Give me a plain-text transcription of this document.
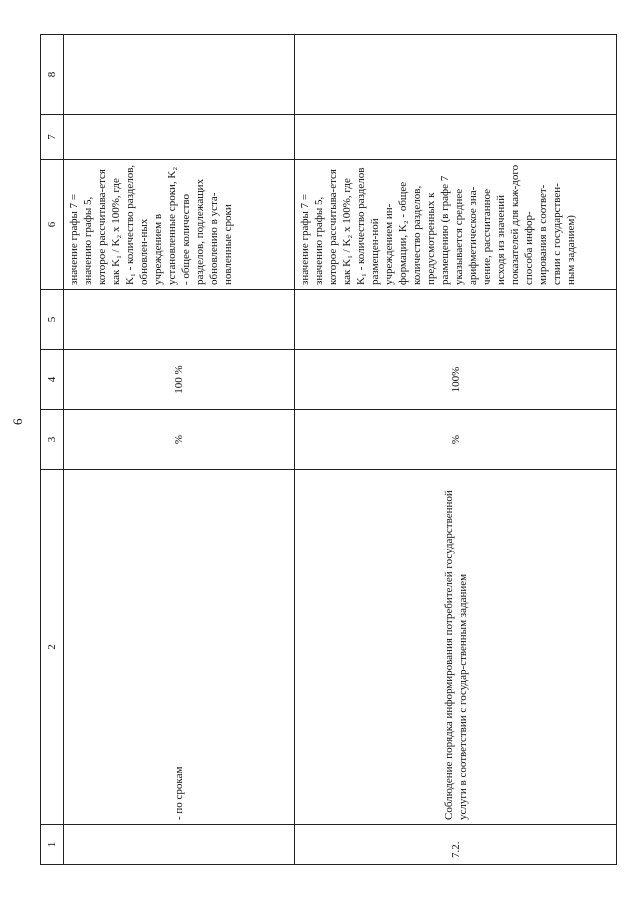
6
1	2	3	4	5	6	7	8
	- по срокам	%	100 %		значение графы 7 = значению графы 5, которое рассчитыва-ется как K₁ / K₂ x 100%, где K₁ - количество разделов, обновлен-ных учреждением в установленные сроки, K₂ - общее количество разделов, подлежащих обновлению в уста-новленные сроки		
7.2.	Соблюдение порядка информирования потребителей государственной услуги в соответствии с государ-ственным заданием	%	100%		значение графы 7 = значению графы 5, которое рассчитыва-ется как K₁ / K₂ x 100%, где K₁ - количество разделов размещен-ной учреждением ин-формации, K₂ - общее количество разделов, предусмотренных к размещению (в графе 7 указывается среднее арифметическое зна-чение, рассчитанное исходя из значений показателей для каж-дого способа инфор-мирования в соответ-ствии с государствен-ным заданием)		
